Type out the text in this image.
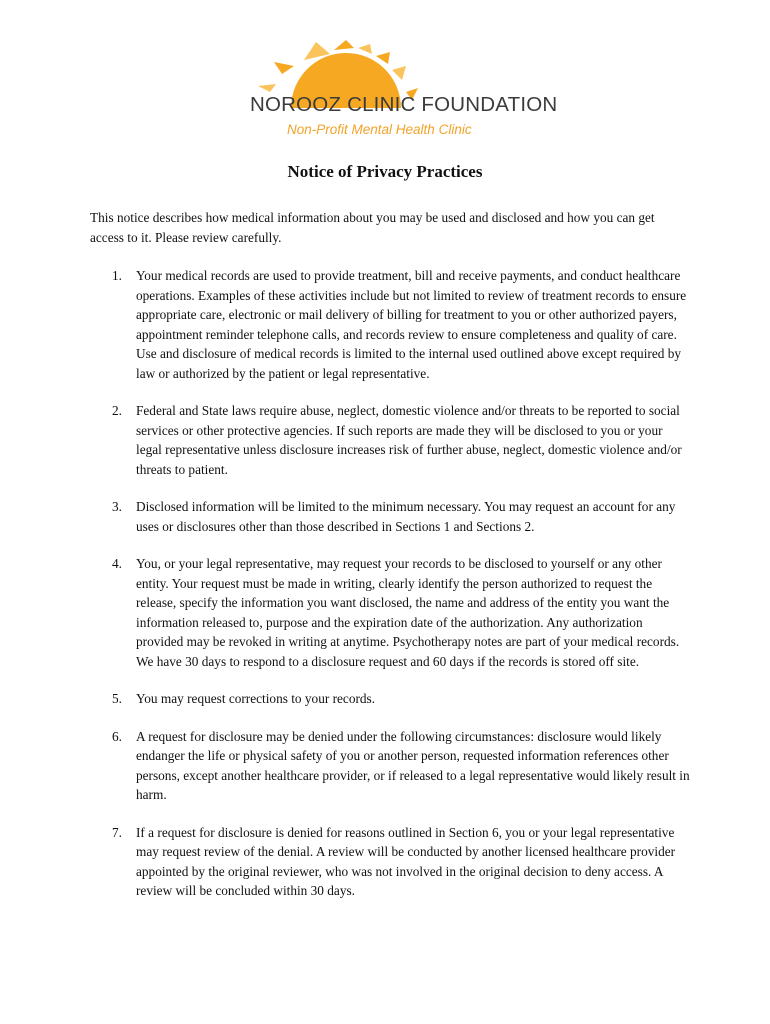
NOROOZ CLINIC FOUNDATION
Non-Profit Mental Health Clinic
Notice of Privacy Practices

This notice describes how medical information about you may be used and disclosed and how you can get access to it. Please review carefully.

1. Your medical records are used to provide treatment, bill and receive payments, and conduct healthcare operations. Examples of these activities include but not limited to review of treatment records to ensure appropriate care, electronic or mail delivery of billing for treatment to you or other authorized payers, appointment reminder telephone calls, and records review to ensure completeness and quality of care. Use and disclosure of medical records is limited to the internal used outlined above except required by law or authorized by the patient or legal representative.
2. Federal and State laws require abuse, neglect, domestic violence and/or threats to be reported to social services or other protective agencies. If such reports are made they will be disclosed to you or your legal representative unless disclosure increases risk of further abuse, neglect, domestic violence and/or threats to patient.
3. Disclosed information will be limited to the minimum necessary. You may request an account for any uses or disclosures other than those described in Sections 1 and Sections 2.
4. You, or your legal representative, may request your records to be disclosed to yourself or any other entity. Your request must be made in writing, clearly identify the person authorized to request the release, specify the information you want disclosed, the name and address of the entity you want the information released to, purpose and the expiration date of the authorization. Any authorization provided may be revoked in writing at anytime. Psychotherapy notes are part of your medical records. We have 30 days to respond to a disclosure request and 60 days if the records is stored off site.
5. You may request corrections to your records.
6. A request for disclosure may be denied under the following circumstances: disclosure would likely endanger the life or physical safety of you or another person, requested information references other persons, except another healthcare provider, or if released to a legal representative would likely result in harm.
7. If a request for disclosure is denied for reasons outlined in Section 6, you or your legal representative may request review of the denial. A review will be conducted by another licensed healthcare provider appointed by the original reviewer, who was not involved in the original decision to deny access. A review will be concluded within 30 days.
